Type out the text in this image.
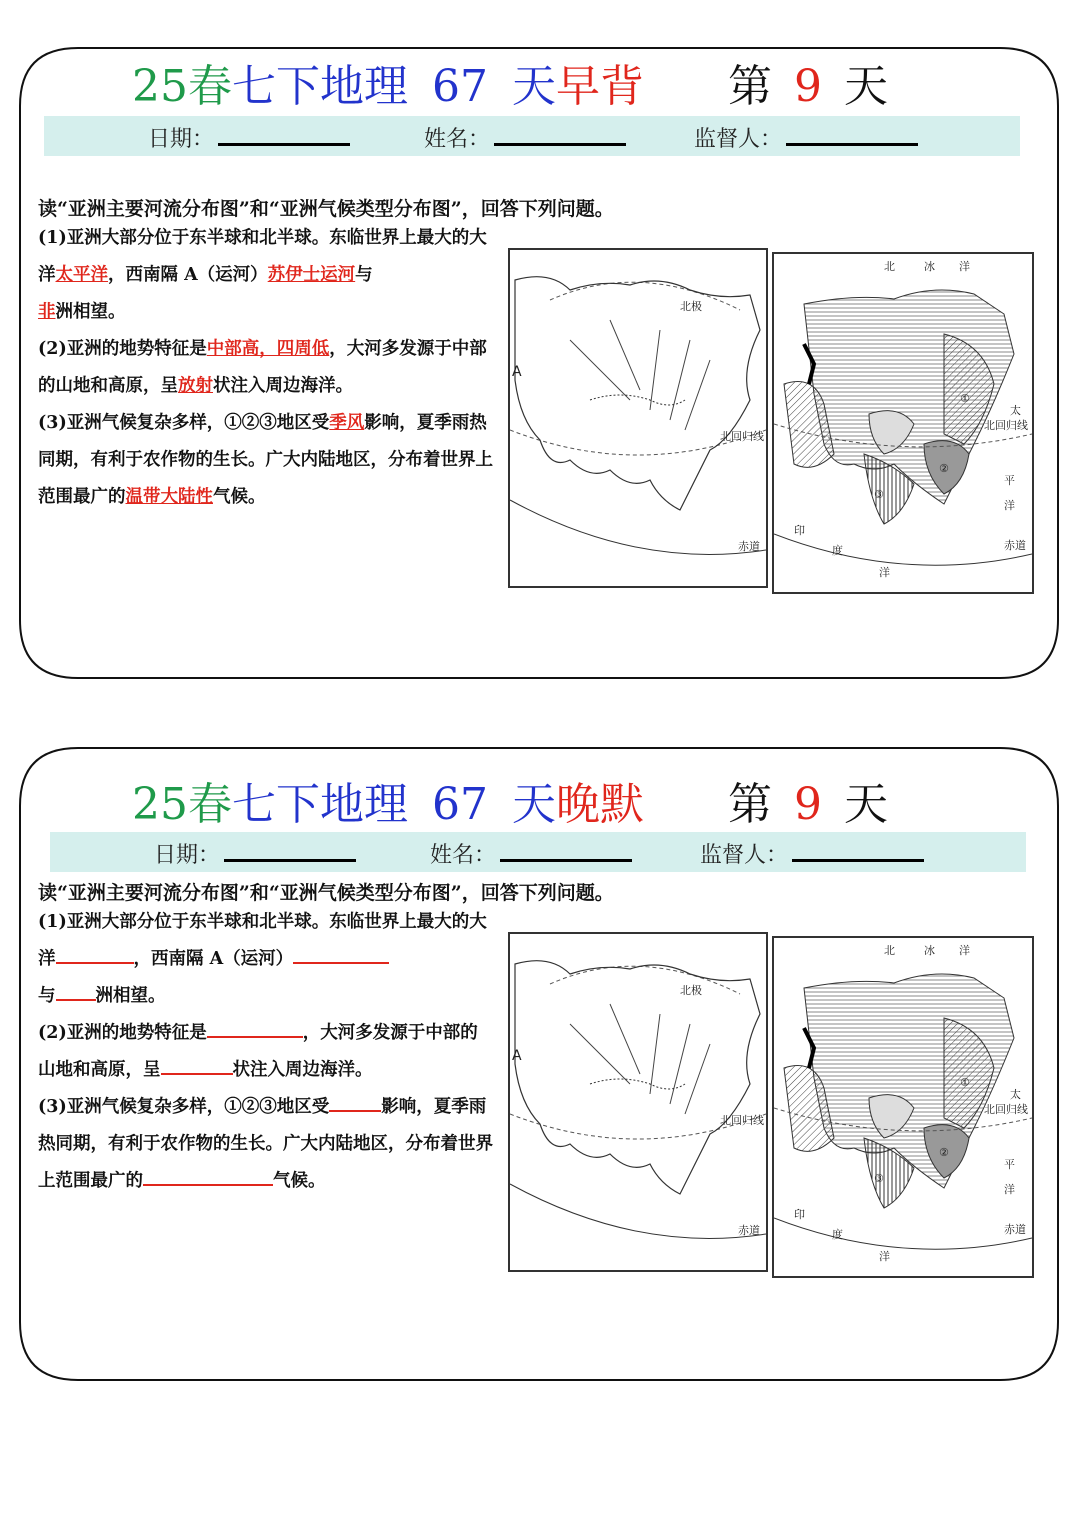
25春七下地理 67 天早背 第 9 天
日期：	姓名：	监督人：
读“亚洲主要河流分布图”和“亚洲气候类型分布图”，回答下列问题。

(1)亚洲大部分位于东半球和北半球。东临世界上最大的大洋太平洋，西南隔 A（运河）苏伊士运河与
非洲相望。

(2)亚洲的地势特征是中部高，四周低，大河多发源于中部的山地和高原，呈放射状注入周边海洋。

(3)亚洲气候复杂多样，①②③地区受季风影响，夏季雨热同期，有利于农作物的生长。广大内陆地区，分布着世界上范围最广的温带大陆性气候。

A
北极
北回归线
赤道
北	冰 洋
太
平
洋
印
度
洋
北回归线
赤道
①
②
③
25春七下地理 67 天晚默 第 9 天
日期：	姓名：	监督人：
读“亚洲主要河流分布图”和“亚洲气候类型分布图”，回答下列问题。

(1)亚洲大部分位于东半球和北半球。东临世界上最大的大洋	，西南隔 A（运河）
与 洲相望。

(2)亚洲的地势特征是	，大河多发源于中部的山地和高原，呈	状注入周边海洋。

(3)亚洲气候复杂多样，①②③地区受	影响，夏季雨热同期，有利于农作物的生长。广大内陆地区，分布着世界上范围最广的	气候。

A
北极
北回归线
赤道
北	冰 洋
太
平
洋
印
度
洋
北回归线
赤道
①
②
③
